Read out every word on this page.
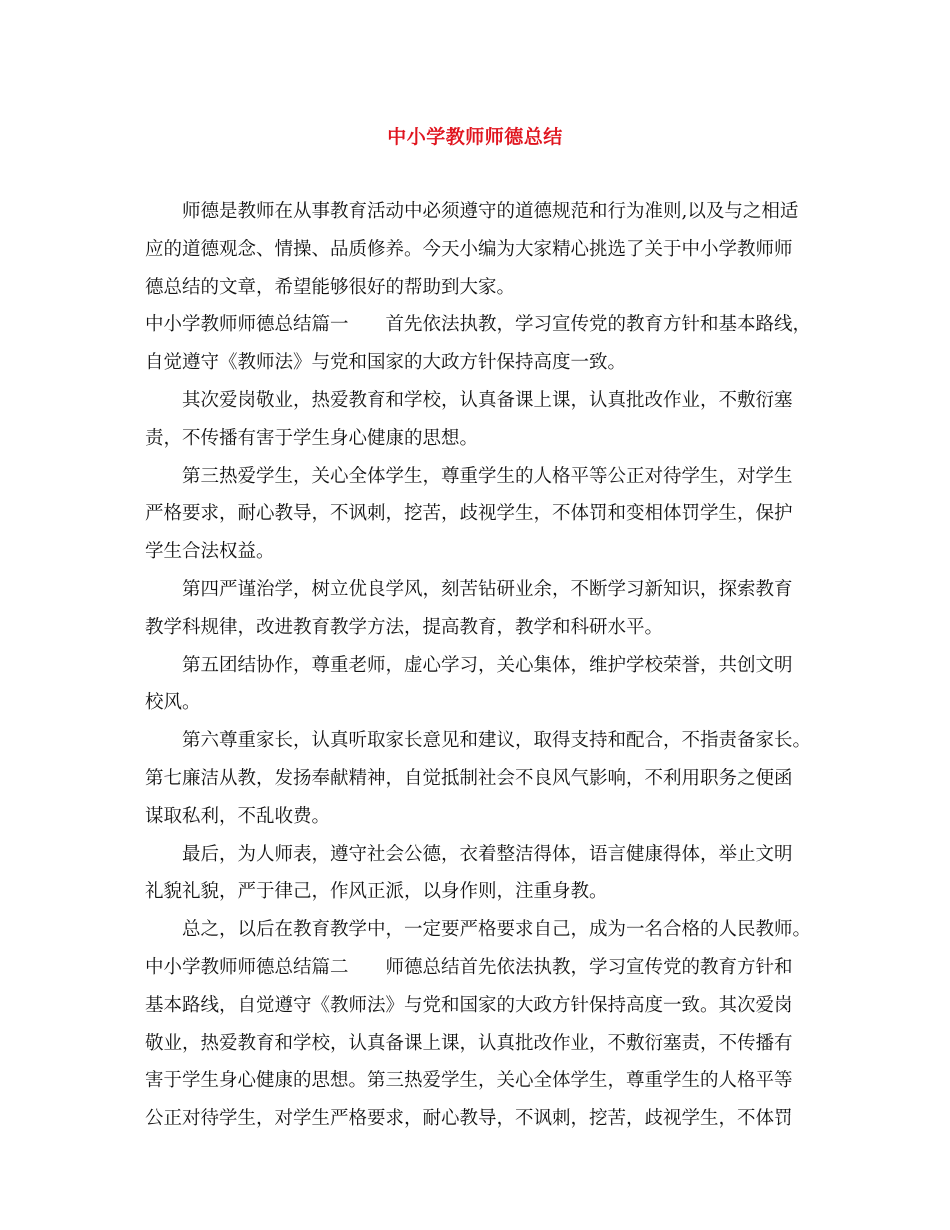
中小学教师师德总结
师德是教师在从事教育活动中必须遵守的道德规范和行为准则,以及与之相适
应的道德观念、情操、品质修养。今天小编为大家精心挑选了关于中小学教师师
德总结的文章，希望能够很好的帮助到大家。
中小学教师师德总结篇一 首先依法执教，学习宣传党的教育方针和基本路线，
自觉遵守《教师法》与党和国家的大政方针保持高度一致。
其次爱岗敬业，热爱教育和学校，认真备课上课，认真批改作业，不敷衍塞
责，不传播有害于学生身心健康的思想。
第三热爱学生，关心全体学生，尊重学生的人格平等公正对待学生，对学生
严格要求，耐心教导，不讽刺，挖苦，歧视学生，不体罚和变相体罚学生，保护
学生合法权益。
第四严谨治学，树立优良学风，刻苦钻研业余，不断学习新知识，探索教育
教学科规律，改进教育教学方法，提高教育，教学和科研水平。
第五团结协作，尊重老师，虚心学习，关心集体，维护学校荣誉，共创文明
校风。
第六尊重家长，认真听取家长意见和建议，取得支持和配合，不指责备家长。
第七廉洁从教，发扬奉献精神，自觉抵制社会不良风气影响，不利用职务之便函
谋取私利，不乱收费。
最后，为人师表，遵守社会公德，衣着整洁得体，语言健康得体，举止文明
礼貌礼貌，严于律己，作风正派，以身作则，注重身教。
总之，以后在教育教学中，一定要严格要求自己，成为一名合格的人民教师。
中小学教师师德总结篇二 师德总结首先依法执教，学习宣传党的教育方针和
基本路线，自觉遵守《教师法》与党和国家的大政方针保持高度一致。其次爱岗
敬业，热爱教育和学校，认真备课上课，认真批改作业，不敷衍塞责，不传播有
害于学生身心健康的思想。第三热爱学生，关心全体学生，尊重学生的人格平等
公正对待学生，对学生严格要求，耐心教导，不讽刺，挖苦，歧视学生，不体罚
